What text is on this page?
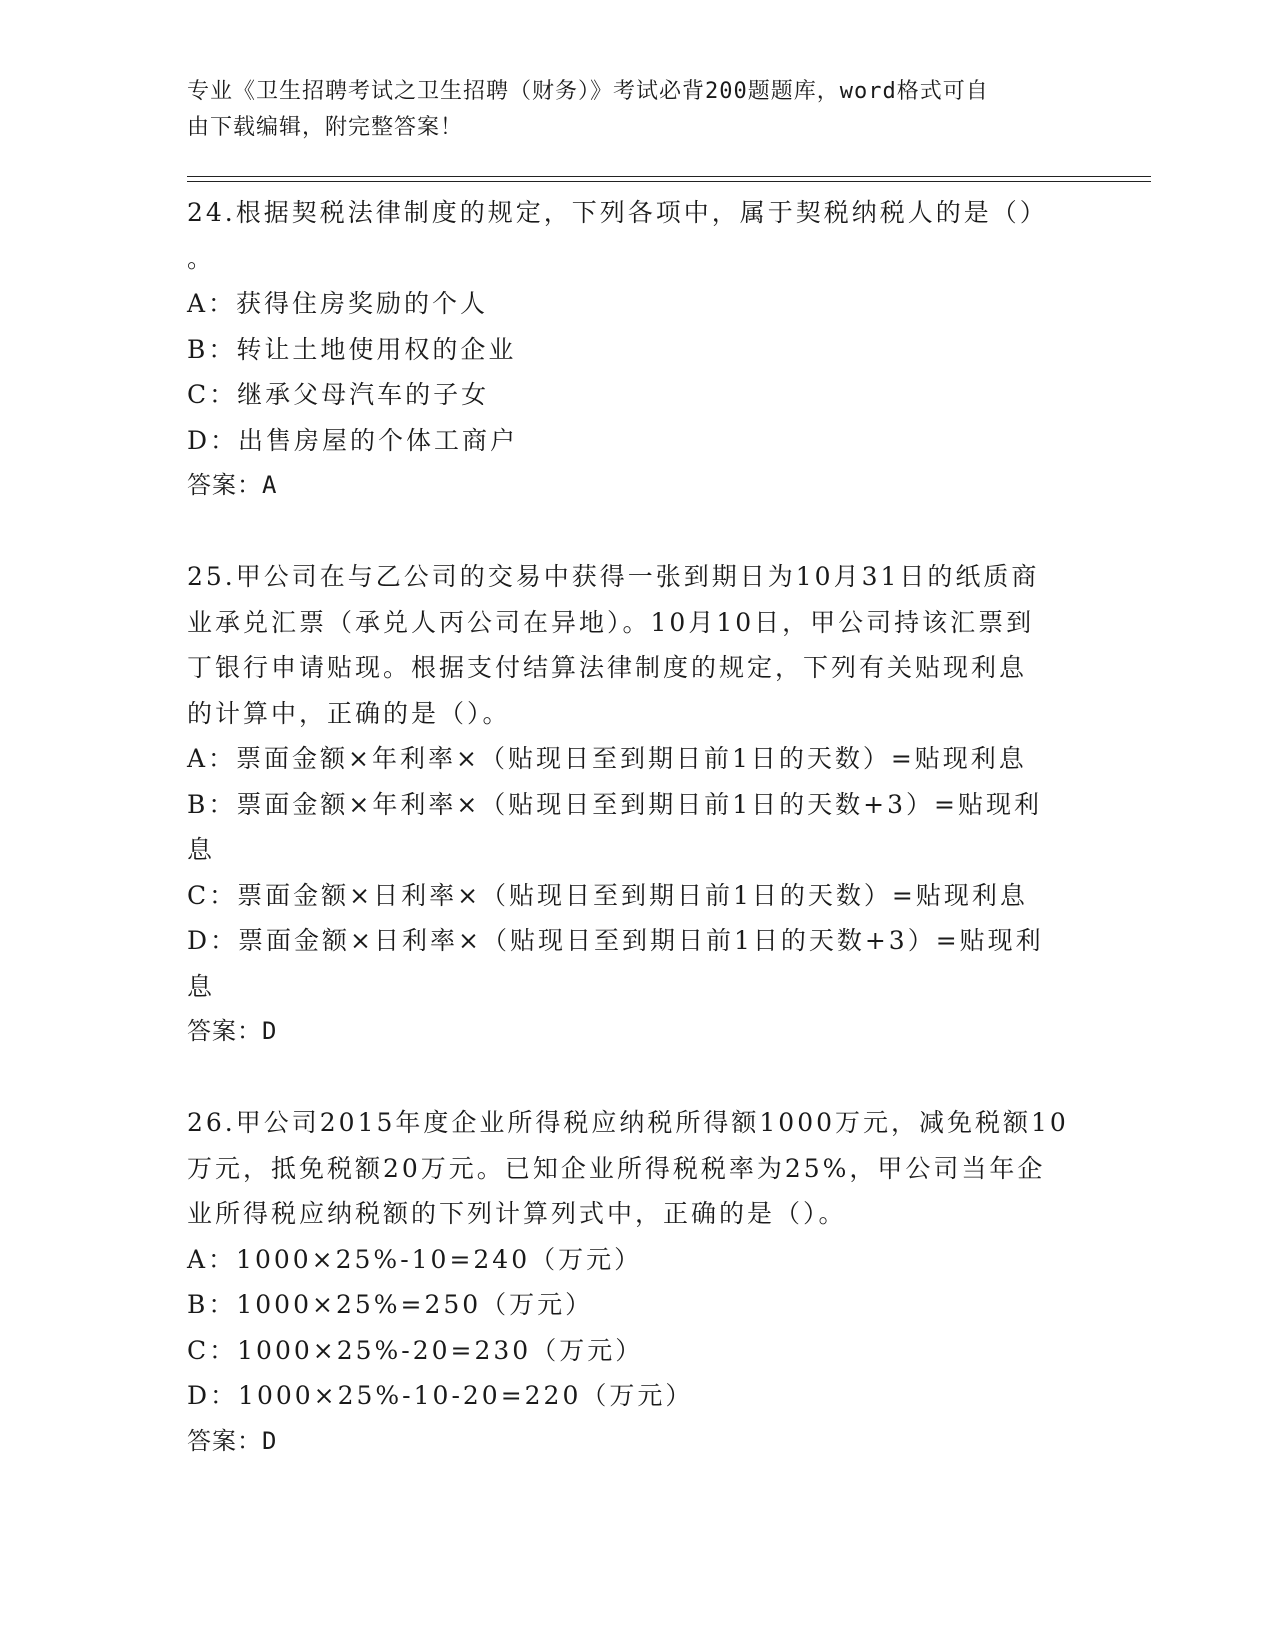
专业《卫生招聘考试之卫生招聘（财务）》考试必背200题题库，word格式可自
由下载编辑，附完整答案！
24.根据契税法律制度的规定，下列各项中，属于契税纳税人的是（）
。
A：获得住房奖励的个人
B：转让土地使用权的企业
C：继承父母汽车的子女
D：出售房屋的个体工商户
答案：A
25.甲公司在与乙公司的交易中获得一张到期日为10月31日的纸质商
业承兑汇票（承兑人丙公司在异地）。10月10日，甲公司持该汇票到
丁银行申请贴现。根据支付结算法律制度的规定，下列有关贴现利息
的计算中，正确的是（）。
A：票面金额×年利率×（贴现日至到期日前1日的天数）=贴现利息
B：票面金额×年利率×（贴现日至到期日前1日的天数+3）=贴现利
息
C：票面金额×日利率×（贴现日至到期日前1日的天数）=贴现利息
D：票面金额×日利率×（贴现日至到期日前1日的天数+3）=贴现利
息
答案：D
26.甲公司2015年度企业所得税应纳税所得额1000万元，减免税额10
万元，抵免税额20万元。已知企业所得税税率为25%，甲公司当年企
业所得税应纳税额的下列计算列式中，正确的是（）。
A：1000×25%-10=240（万元）
B：1000×25%=250（万元）
C：1000×25%-20=230（万元）
D：1000×25%-10-20=220（万元）
答案：D
